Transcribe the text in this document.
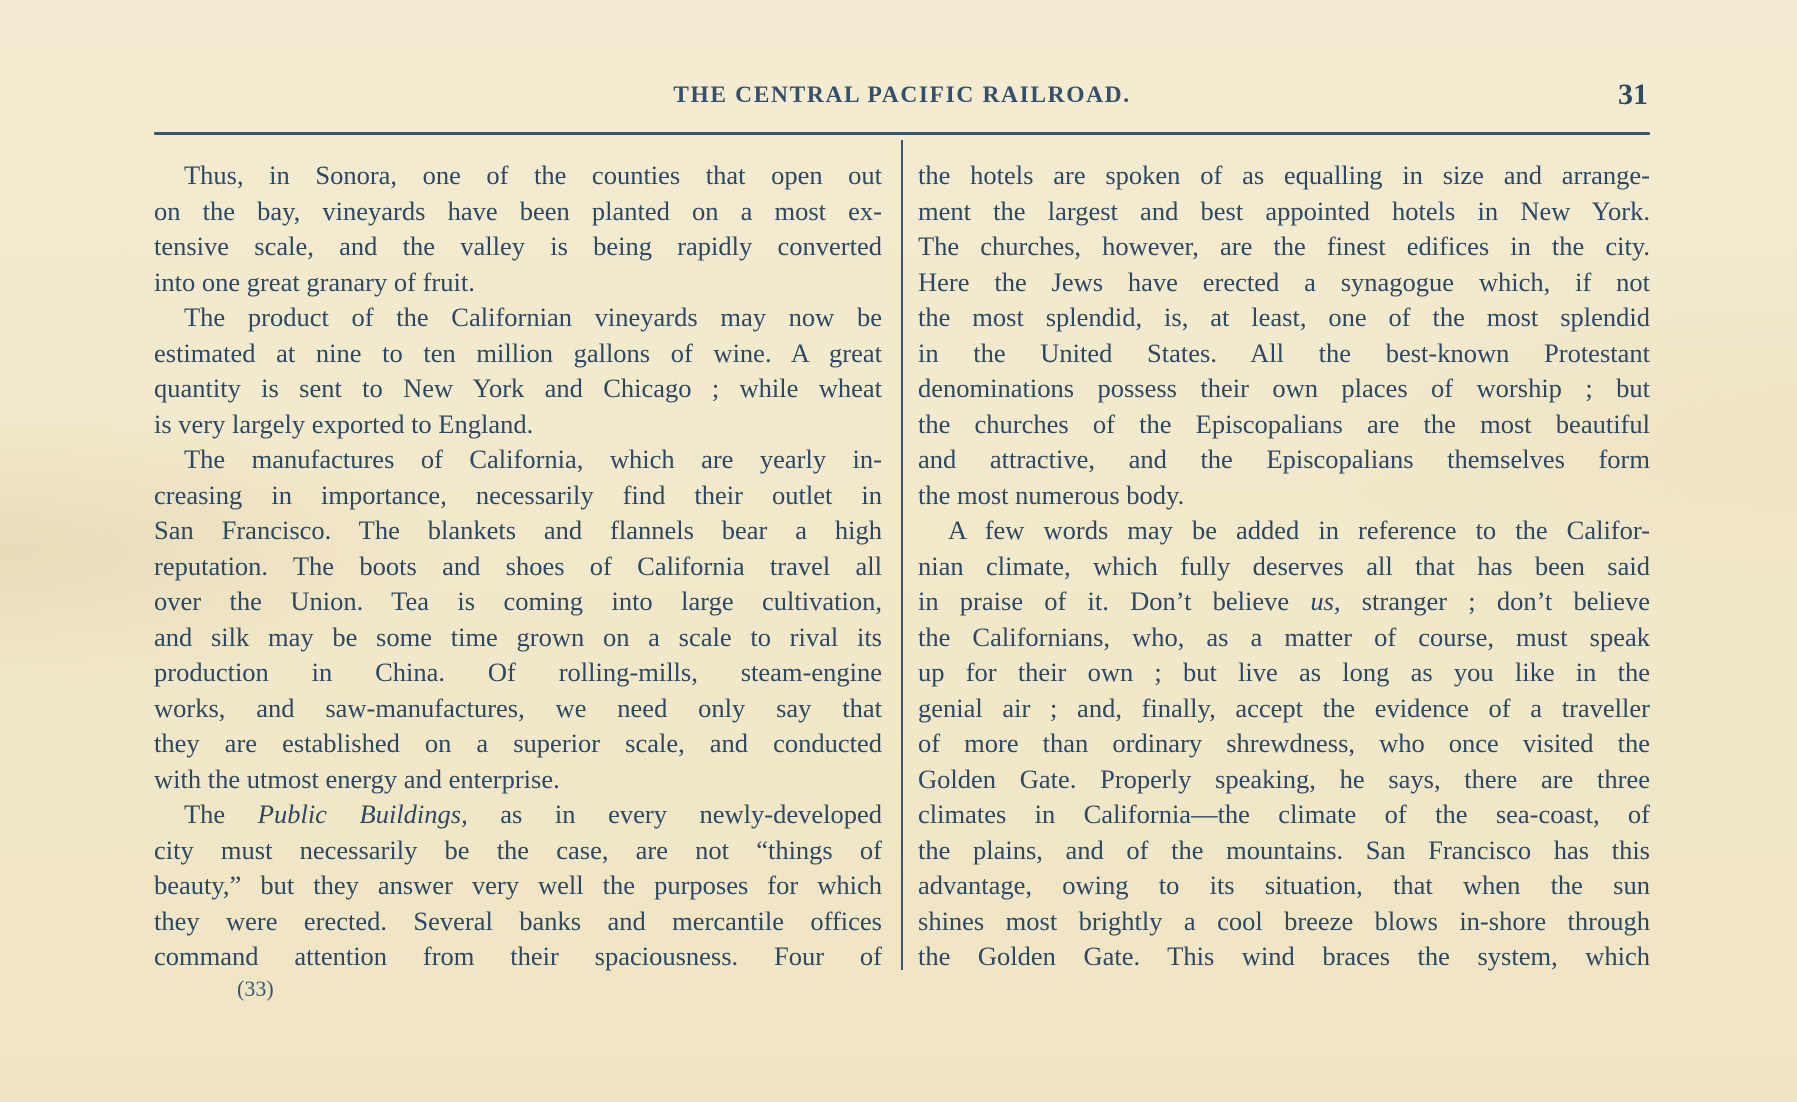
THE CENTRAL PACIFIC RAILROAD.	31
Thus, in Sonora, one of the counties that open out
on the bay, vineyards have been planted on a most ex-
tensive scale, and the valley is being rapidly converted
into one great granary of fruit.
The product of the Californian vineyards may now be
estimated at nine to ten million gallons of wine. A great
quantity is sent to New York and Chicago ; while wheat
is very largely exported to England.
The manufactures of California, which are yearly in-
creasing in importance, necessarily find their outlet in
San Francisco. The blankets and flannels bear a high
reputation. The boots and shoes of California travel all
over the Union. Tea is coming into large cultivation,
and silk may be some time grown on a scale to rival its
production in China. Of rolling-mills, steam-engine
works, and saw-manufactures, we need only say that
they are established on a superior scale, and conducted
with the utmost energy and enterprise.
The Public Buildings, as in every newly-developed
city must necessarily be the case, are not “things of
beauty,” but they answer very well the purposes for which
they were erected. Several banks and mercantile offices
command attention from their spaciousness. Four of
the hotels are spoken of as equalling in size and arrange-
ment the largest and best appointed hotels in New York.
The churches, however, are the finest edifices in the city.
Here the Jews have erected a synagogue which, if not
the most splendid, is, at least, one of the most splendid
in the United States. All the best-known Protestant
denominations possess their own places of worship ; but
the churches of the Episcopalians are the most beautiful
and attractive, and the Episcopalians themselves form
the most numerous body.
A few words may be added in reference to the Califor-
nian climate, which fully deserves all that has been said
in praise of it. Don’t believe us, stranger ; don’t believe
the Californians, who, as a matter of course, must speak
up for their own ; but live as long as you like in the
genial air ; and, finally, accept the evidence of a traveller
of more than ordinary shrewdness, who once visited the
Golden Gate. Properly speaking, he says, there are three
climates in California—the climate of the sea-coast, of
the plains, and of the mountains. San Francisco has this
advantage, owing to its situation, that when the sun
shines most brightly a cool breeze blows in-shore through
the Golden Gate. This wind braces the system, which
(33)
